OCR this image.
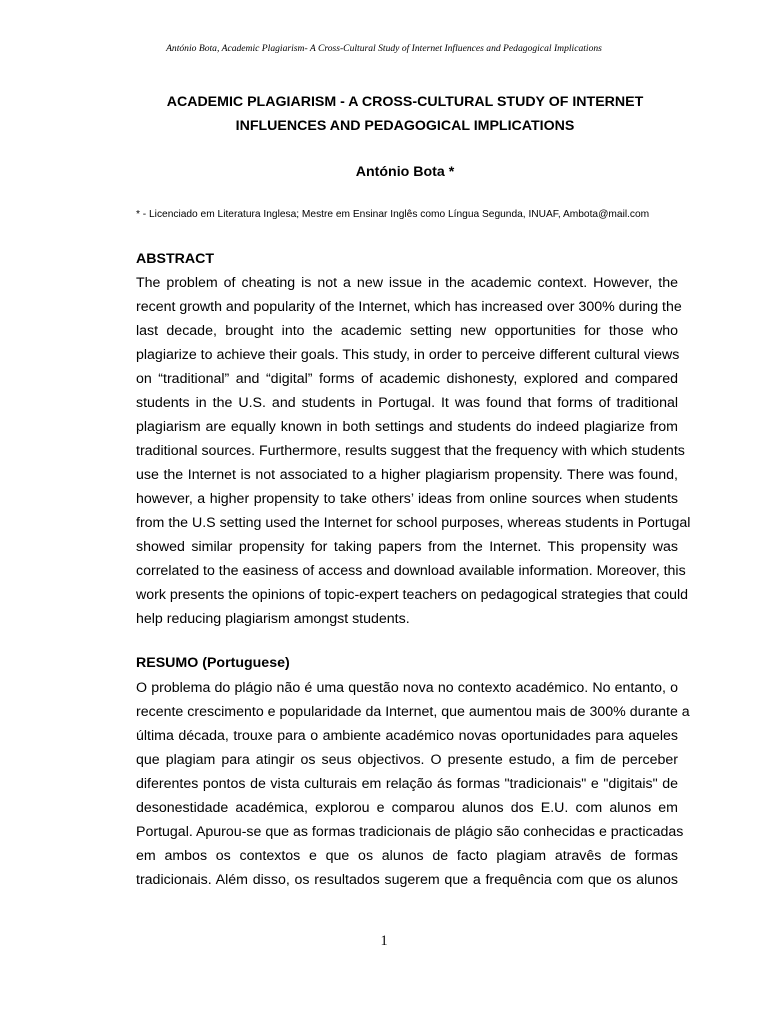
António Bota, Academic Plagiarism- A Cross-Cultural Study of Internet Influences and Pedagogical Implications
ACADEMIC PLAGIARISM - A CROSS-CULTURAL STUDY OF INTERNET
INFLUENCES AND PEDAGOGICAL IMPLICATIONS
António Bota *
* - Licenciado em Literatura Inglesa; Mestre em Ensinar Inglês como Língua Segunda, INUAF, Ambota@mail.com
ABSTRACT
The problem of cheating is not a new issue in the academic context. However, the
recent growth and popularity of the Internet, which has increased over 300% during the
last decade, brought into the academic setting new opportunities for those who
plagiarize to achieve their goals. This study, in order to perceive different cultural views
on “traditional” and “digital” forms of academic dishonesty, explored and compared
students in the U.S. and students in Portugal. It was found that forms of traditional
plagiarism are equally known in both settings and students do indeed plagiarize from
traditional sources. Furthermore, results suggest that the frequency with which students
use the Internet is not associated to a higher plagiarism propensity. There was found,
however, a higher propensity to take others’ ideas from online sources when students
from the U.S setting used the Internet for school purposes, whereas students in Portugal
showed similar propensity for taking papers from the Internet. This propensity was
correlated to the easiness of access and download available information. Moreover, this
work presents the opinions of topic-expert teachers on pedagogical strategies that could
help reducing plagiarism amongst students.
RESUMO (Portuguese)
O problema do plágio não é uma questão nova no contexto académico. No entanto, o
recente crescimento e popularidade da Internet, que aumentou mais de 300% durante a
última década, trouxe para o ambiente académico novas oportunidades para aqueles
que plagiam para atingir os seus objectivos. O presente estudo, a fim de perceber
diferentes pontos de vista culturais em relação ás formas "tradicionais" e "digitais" de
desonestidade académica, explorou e comparou alunos dos E.U. com alunos em
Portugal. Apurou-se que as formas tradicionais de plágio são conhecidas e practicadas
em ambos os contextos e que os alunos de facto plagiam atravês de formas
tradicionais. Além disso, os resultados sugerem que a frequência com que os alunos
1
